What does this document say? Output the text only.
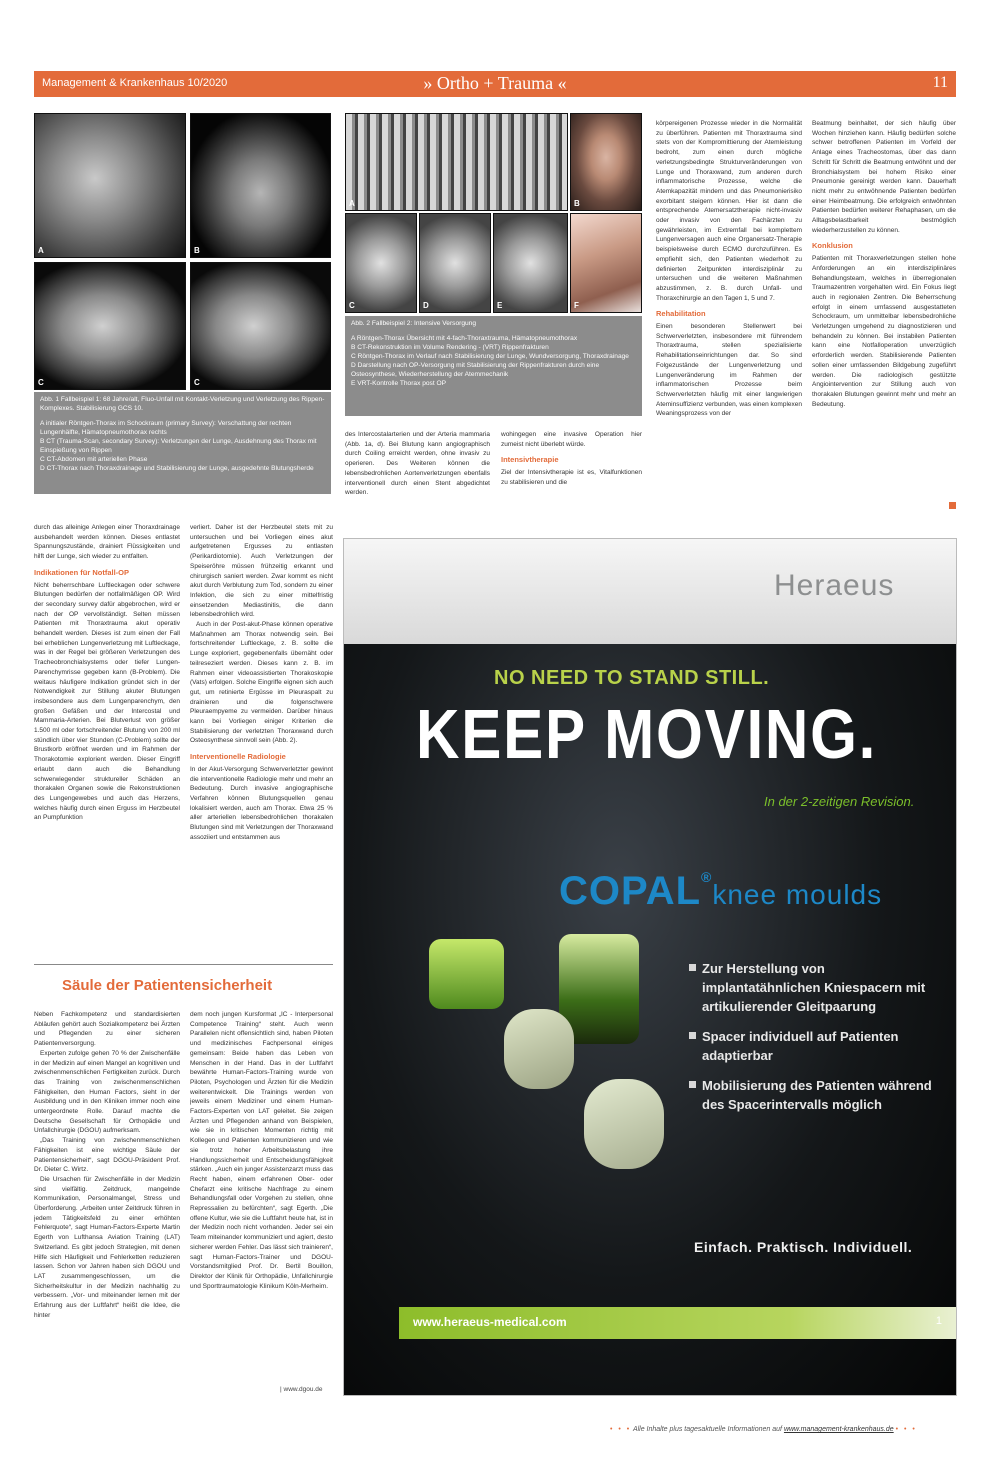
Management & Krankenhaus 10/2020	» Ortho + Trauma «	11
A	B
C	C

Abb. 1 Fallbeispiel 1: 68 Jahre/alt, Fluo-Unfall mit Kontakt-Verletzung und Verletzung des Rippen-Komplexes. Stabilisierung GCS 10.

A initialer Röntgen-Thorax im Schockraum (primary Survey): Verschattung der rechten Lungenhälfte, Hämatopneumothorax rechts

B CT (Trauma-Scan, secondary Survey): Verletzungen der Lunge, Ausdehnung des Thorax mit Einspießung von Rippen

C CT-Abdomen mit arteriellen Phase

D CT-Thorax nach Thoraxdrainage und Stabilisierung der Lunge, ausgedehnte Blutungsherde

A	B
C	D	E	F

Abb. 2 Fallbeispiel 2: Intensive Versorgung

A Röntgen-Thorax Übersicht mit 4-fach-Thoraxtrauma, Hämatopneumothorax

B CT-Rekonstruktion im Volume Rendering - (VRT) Rippenfrakturen

C Röntgen-Thorax im Verlauf nach Stabilisierung der Lunge, Wundversorgung, Thoraxdrainage

D Darstellung nach OP-Versorgung mit Stabilisierung der Rippenfrakturen durch eine Osteosynthese, Wiederherstellung der Atemmechanik

E VRT-Kontrolle Thorax post OP

des Intercostalarterien und der Arteria mammaria (Abb. 1a, d). Bei Blutung kann angiographisch durch Coiling erreicht werden, ohne invasiv zu operieren. Des Weiteren können die lebensbedrohlichen Aortenverletzungen ebenfalls interventionell durch einen Stent abgedichtet werden.

wohingegen eine invasive Operation hier zumeist nicht überlebt würde.

Intensivtherapie

Ziel der Intensivtherapie ist es, Vitalfunktionen zu stabilisieren und die

körpereigenen Prozesse wieder in die Normalität zu überführen. Patienten mit Thoraxtrauma sind stets von der Kompromittierung der Atemleistung bedroht, zum einen durch mögliche verletzungsbedingte Strukturveränderungen von Lunge und Thoraxwand, zum anderen durch inflammatorische Prozesse, welche die Atemkapazität mindern und das Pneumonierisiko exorbitant steigern können. Hier ist dann die entsprechende Atemersatztherapie nicht-invasiv oder invasiv von den Fachärzten zu gewährleisten, im Extremfall bei komplettem Lungenversagen auch eine Organersatz-Therapie beispielsweise durch ECMO durchzuführen. Es empfiehlt sich, den Patienten wiederholt zu definierten Zeitpunkten interdisziplinär zu untersuchen und die weiteren Maßnahmen abzustimmen, z. B. durch Unfall- und Thoraxchirurgie an den Tagen 1, 5 und 7.

Rehabilitation

Einen besonderen Stellenwert bei Schwerverletzten, insbesondere mit führendem Thoraxtrauma, stellen spezialisierte Rehabilitationseinrichtungen dar. So sind Folgezustände der Lungenverletzung und Lungenveränderung im Rahmen der inflammatorischen Prozesse beim Schwerverletzten häufig mit einer langwierigen Ateminsuffizienz verbunden, was einen komplexen Weaningsprozess von der

Beatmung beinhaltet, der sich häufig über Wochen hinziehen kann. Häufig bedürfen solche schwer betroffenen Patienten im Vorfeld der Anlage eines Tracheostomas, über das dann Schritt für Schritt die Beatmung entwöhnt und der Bronchialsystem bei hohem Risiko einer Pneumonie gereinigt werden kann. Dauerhaft nicht mehr zu entwöhnende Patienten bedürfen einer Heimbeatmung. Die erfolgreich entwöhnten Patienten bedürfen weiterer Rehaphasen, um die Alltagsbelastbarkeit bestmöglich wiederherzustellen zu können.

Konklusion

Patienten mit Thoraxverletzungen stellen hohe Anforderungen an ein interdisziplinäres Behandlungsteam, welches in überregionalen Traumazentren vorgehalten wird. Ein Fokus liegt auch in regionalen Zentren. Die Beherrschung erfolgt in einem umfassend ausgestatteten Schockraum, um unmittelbar lebensbedrohliche Verletzungen umgehend zu diagnostizieren und behandeln zu können. Bei instabilen Patienten kann eine Notfalloperation unverzüglich erforderlich werden. Stabilisierende Patienten sollen einer umfassenden Bildgebung zugeführt werden. Die radiologisch gestützte Angiointervention zur Stillung auch von thorakalen Blutungen gewinnt mehr und mehr an Bedeutung.

durch das alleinige Anlegen einer Thoraxdrainage ausbehandelt werden können. Dieses entlastet Spannungszustände, drainiert Flüssigkeiten und hilft der Lunge, sich wieder zu entfalten.

Indikationen für Notfall-OP

Nicht beherrschbare Luftleckagen oder schwere Blutungen bedürfen der notfallmäßigen OP. Wird der secondary survey dafür abgebrochen, wird er nach der OP vervollständigt. Selten müssen Patienten mit Thoraxtrauma akut operativ behandelt werden. Dieses ist zum einen der Fall bei erheblichen Lungenverletzung mit Luftleckage, was in der Regel bei größeren Verletzungen des Tracheobronchialsystems oder tiefer Lungen-Parenchymrisse gegeben kann (B-Problem). Die weitaus häufigere Indikation gründet sich in der Notwendigkeit zur Stillung akuter Blutungen insbesondere aus dem Lungenparenchym, den großen Gefäßen und der Intercostal und Mammaria-Arterien. Bei Blutverlust von größer 1.500 ml oder fortschreitender Blutung von 200 ml stündlich über vier Stunden (C-Problem) sollte der Brustkorb eröffnet werden und im Rahmen der Thorakotomie explorient werden. Dieser Eingriff erlaubt dann auch die Behandlung schwerwiegender struktureller Schäden an thorakalen Organen sowie die Rekonstruktionen des Lungengewebes und auch das Herzens, welches häufig durch einen Erguss im Herzbeutel an Pumpfunktion

verliert. Daher ist der Herzbeutel stets mit zu untersuchen und bei Vorliegen eines akut aufgetretenen Ergusses zu entlasten (Perikardiotomie). Auch Verletzungen der Speiseröhre müssen frühzeitig erkannt und chirurgisch saniert werden. Zwar kommt es nicht akut durch Verblutung zum Tod, sondern zu einer Infektion, die sich zu einer mittelfristig einsetzenden Mediastinitis, die dann lebensbedrohlich wird.

Auch in der Post-akut-Phase können operative Maßnahmen am Thorax notwendig sein. Bei fortschreitender Luftleckage, z. B. sollte die Lunge exploriert, gegebenenfalls übernäht oder teilreseziert werden. Dieses kann z. B. im Rahmen einer videoassistierten Thorakoskopie (Vats) erfolgen. Solche Eingriffe eignen sich auch gut, um retinierte Ergüsse im Pleuraspalt zu drainieren und die folgenschwere Pleuraempyeme zu vermeiden. Darüber hinaus kann bei Vorliegen einiger Kriterien die Stabilisierung der verletzten Thoraxwand durch Osteosynthese sinnvoll sein (Abb. 2).

Interventionelle Radiologie

In der Akut-Versorgung Schwerverletzter gewinnt die interventionelle Radiologie mehr und mehr an Bedeutung. Durch invasive angiographische Verfahren können Blutungsquellen genau lokalisiert werden, auch am Thorax. Etwa 25 % aller arteriellen lebensbedrohlichen thorakalen Blutungen sind mit Verletzungen der Thoraxwand assoziiert und entstammen aus

Säule der Patientensicherheit

Neben Fachkompetenz und standardisierten Abläufen gehört auch Sozialkompetenz bei Ärzten und Pflegenden zu einer sicheren Patientenversorgung.

Experten zufolge gehen 70 % der Zwischenfälle in der Medizin auf einen Mangel an kognitiven und zwischenmenschlichen Fertigkeiten zurück. Durch das Training von zwischenmenschlichen Fähigkeiten, den Human Factors, sieht in der Ausbildung und in den Kliniken immer noch eine untergeordnete Rolle. Darauf machte die Deutsche Gesellschaft für Orthopädie und Unfallchirurgie (DGOU) aufmerksam.

„Das Training von zwischenmenschlichen Fähigkeiten ist eine wichtige Säule der Patientensicherheit“, sagt DGOU-Präsident Prof. Dr. Dieter C. Wirtz.

Die Ursachen für Zwischenfälle in der Medizin sind vielfältig. Zeitdruck, mangelnde Kommunikation, Personalmangel, Stress und Überforderung. „Arbeiten unter Zeitdruck führen in jedem Tätigkeitsfeld zu einer erhöhten Fehlerquote“, sagt Human-Factors-Experte Martin Egerth von Lufthansa Aviation Training (LAT) Switzerland. Es gibt jedoch Strategien, mit denen Hilfe sich Häufigkeit und Fehlerketten reduzieren lassen. Schon vor Jahren haben sich DGOU und LAT zusammengeschlossen, um die Sicherheitskultur in der Medizin nachhaltig zu verbessern. „Vor- und miteinander lernen mit der Erfahrung aus der Luftfahrt“ heißt die Idee, die hinter

dem noch jungen Kursformat „IC - Interpersonal Competence Training“ steht. Auch wenn Parallelen nicht offensichtlich sind, haben Piloten und medizinisches Fachpersonal einiges gemeinsam: Beide haben das Leben von Menschen in der Hand. Das in der Luftfahrt bewährte Human-Factors-Training wurde von Piloten, Psychologen und Ärzten für die Medizin weiterentwickelt. Die Trainings werden von jeweils einem Mediziner und einem Human-Factors-Experten von LAT geleitet. Sie zeigen Ärzten und Pflegenden anhand von Beispielen, wie sie in kritischen Momenten richtig mit Kollegen und Patienten kommunizieren und wie sie trotz hoher Arbeitsbelastung ihre Handlungssicherheit und Entscheidungsfähigkeit stärken. „Auch ein junger Assistenzarzt muss das Recht haben, einem erfahrenen Ober- oder Chefarzt eine kritische Nachfrage zu einem Behandlungsfall oder Vorgehen zu stellen, ohne Repressalien zu befürchten“, sagt Egerth. „Die offene Kultur, wie sie die Luftfahrt heute hat, ist in der Medizin noch nicht vorhanden. Jeder sei ein Team miteinander kommuniziert und agiert, desto sicherer werden Fehler. Das lässt sich trainieren“, sagt Human-Factors-Trainer und DGOU-Vorstandsmitglied Prof. Dr. Bertil Bouillon, Direktor der Klinik für Orthopädie, Unfallchirurgie und Sporttraumatologie Klinikum Köln-Merheim.

| www.dgou.de
Heraeus
NO NEED TO STAND STILL.
KEEP MOVING.
In der 2-zeitigen Revision.
COPAL®knee moulds
Zur Herstellung von implantatähnlichen Kniespacern mit artikulierender Gleitpaarung
Spacer individuell auf Patienten adaptierbar
Mobilisierung des Patienten während des Spacerintervalls möglich
Einfach. Praktisch. Individuell.
www.heraeus-medical.com	1
• • • Alle Inhalte plus tagesaktuelle Informationen auf www.management-krankenhaus.de • • •
